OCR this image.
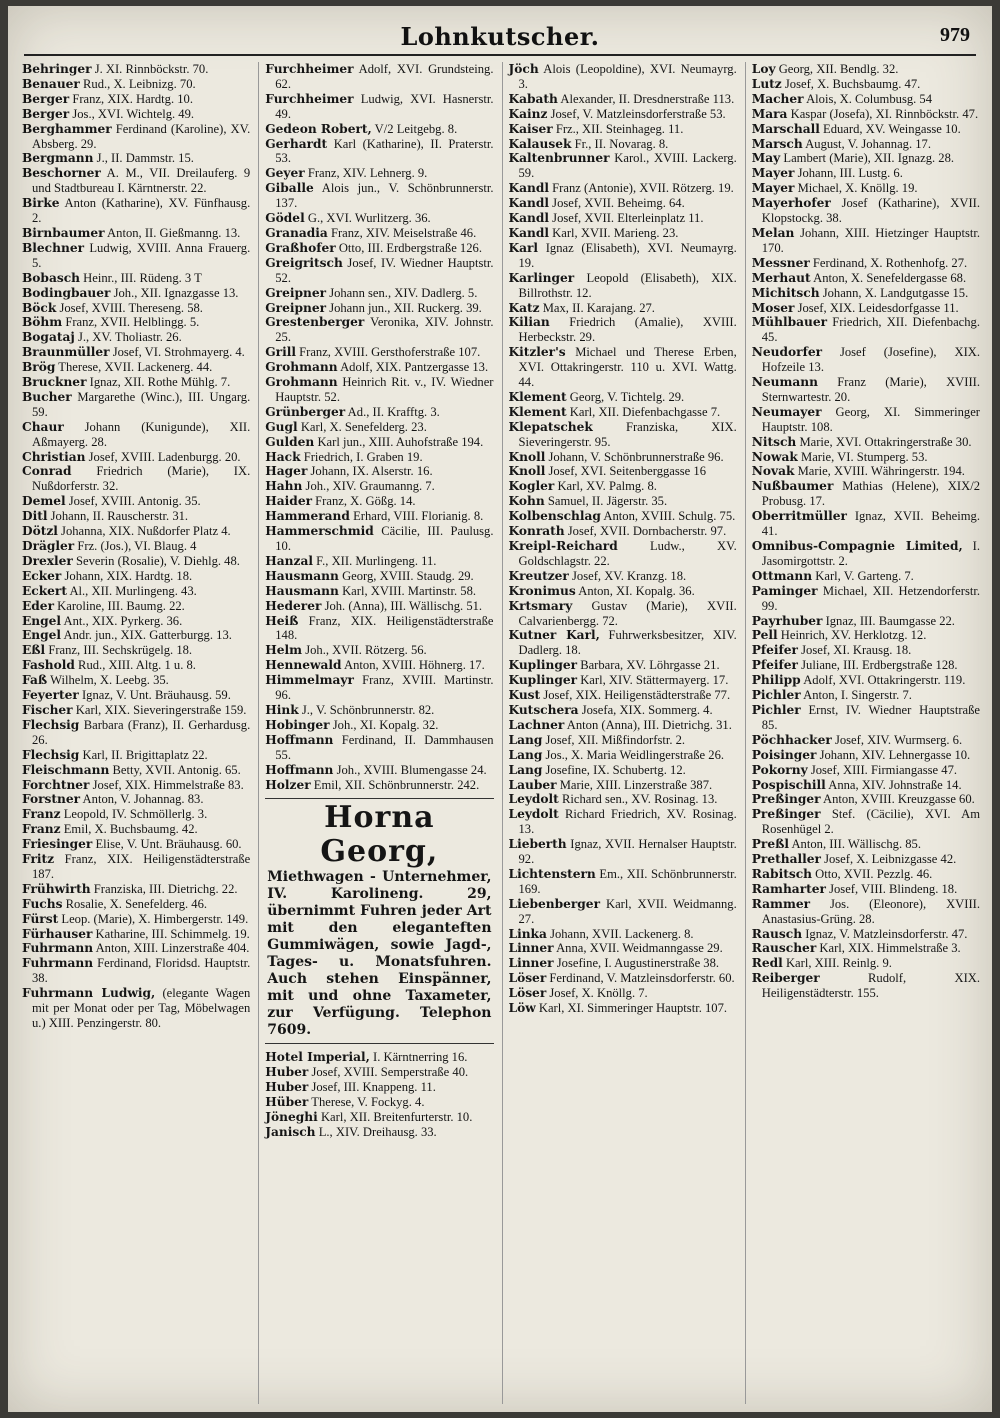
Lohnkutscher.	979

Behringer J. XI. Rinnböckstr. 70.

Benauer Rud., X. Leibnizg. 70.

Berger Franz, XIX. Hardtg. 10.

Berger Jos., XVI. Wichtelg. 49.

Berghammer Ferdinand (Karoline), XV. Absberg. 29.

Bergmann J., II. Dammstr. 15.

Beschorner A. M., VII. Dreilauferg. 9 und Stadtbureau I. Kärntnerstr. 22.

Birke Anton (Katharine), XV. Fünfhausg. 2.

Birnbaumer Anton, II. Gießmanng. 13.

Blechner Ludwig, XVIII. Anna Frauerg. 5.

Bobasch Heinr., III. Rüdeng. 3 T

Bodingbauer Joh., XII. Ignazgasse 13.

Böck Josef, XVIII. Thereseng. 58.

Böhm Franz, XVII. Helblingg. 5.

Bogataj J., XV. Tholiastr. 26.

Braunmüller Josef, VI. Strohmayerg. 4.

Brög Therese, XVII. Lackenerg. 44.

Bruckner Ignaz, XII. Rothe Mühlg. 7.

Bucher Margarethe (Winc.), III. Ungarg. 59.

Chaur Johann (Kunigunde), XII. Aßmayerg. 28.

Christian Josef, XVIII. Ladenburgg. 20.

Conrad Friedrich (Marie), IX. Nußdorferstr. 32.

Demel Josef, XVIII. Antonig. 35.

Ditl Johann, II. Rauscherstr. 31.

Dötzl Johanna, XIX. Nußdorfer Platz 4.

Drägler Frz. (Jos.), VI. Blaug. 4

Drexler Severin (Rosalie), V. Diehlg. 48.

Ecker Johann, XIX. Hardtg. 18.

Eckert Al., XII. Murlingeng. 43.

Eder Karoline, III. Baumg. 22.

Engel Ant., XIX. Pyrkerg. 36.

Engel Andr. jun., XIX. Gatterburgg. 13.

Eßl Franz, III. Sechskrügelg. 18.

Fashold Rud., XIII. Altg. 1 u. 8.

Faß Wilhelm, X. Leebg. 35.

Feyerter Ignaz, V. Unt. Bräuhausg. 59.

Fischer Karl, XIX. Sieveringerstraße 159.

Flechsig Barbara (Franz), II. Gerhardusg. 26.

Flechsig Karl, II. Brigittaplatz 22.

Fleischmann Betty, XVII. Antonig. 65.

Forchtner Josef, XIX. Himmelstraße 83.

Forstner Anton, V. Johannag. 83.

Franz Leopold, IV. Schmöllerlg. 3.

Franz Emil, X. Buchsbaumg. 42.

Friesinger Elise, V. Unt. Bräuhausg. 60.

Fritz Franz, XIX. Heiligenstädterstraße 187.

Frühwirth Franziska, III. Dietrichg. 22.

Fuchs Rosalie, X. Senefelderg. 46.

Fürst Leop. (Marie), X. Himbergerstr. 149.

Fürhauser Katharine, III. Schimmelg. 19.

Fuhrmann Anton, XIII. Linzerstraße 404.

Fuhrmann Ferdinand, Floridsd. Hauptstr. 38.

Fuhrmann Ludwig, (elegante Wagen mit per Monat oder per Tag, Möbelwagen u.) XIII. Penzingerstr. 80.

Furchheimer Adolf, XVI. Grundsteing. 62.

Furchheimer Ludwig, XVI. Hasnerstr. 49.

Gedeon Robert, V/2 Leitgebg. 8.

Gerhardt Karl (Katharine), II. Praterstr. 53.

Geyer Franz, XIV. Lehnerg. 9.

Giballe Alois jun., V. Schönbrunnerstr. 137.

Gödel G., XVI. Wurlitzerg. 36.

Granadia Franz, XIV. Meiselstraße 46.

Graßhofer Otto, III. Erdbergstraße 126.

Greigritsch Josef, IV. Wiedner Hauptstr. 52.

Greipner Johann sen., XIV. Dadlerg. 5.

Greipner Johann jun., XII. Ruckerg. 39.

Grestenberger Veronika, XIV. Johnstr. 25.

Grill Franz, XVIII. Gersthoferstraße 107.

Grohmann Adolf, XIX. Pantzergasse 13.

Grohmann Heinrich Rit. v., IV. Wiedner Hauptstr. 52.

Grünberger Ad., II. Krafftg. 3.

Gugl Karl, X. Senefelderg. 23.

Gulden Karl jun., XIII. Auhofstraße 194.

Hack Friedrich, I. Graben 19.

Hager Johann, IX. Alserstr. 16.

Hahn Joh., XIV. Graumanng. 7.

Haider Franz, X. Gößg. 14.

Hammerand Erhard, VIII. Florianig. 8.

Hammerschmid Cäcilie, III. Paulusg. 10.

Hanzal F., XII. Murlingeng. 11.

Hausmann Georg, XVIII. Staudg. 29.

Hausmann Karl, XVIII. Martinstr. 58.

Hederer Joh. (Anna), III. Wällischg. 51.

Heiß Franz, XIX. Heiligenstädterstraße 148.

Helm Joh., XVII. Rötzerg. 56.

Hennewald Anton, XVIII. Höhnerg. 17.

Himmelmayr Franz, XVIII. Martinstr. 96.

Hink J., V. Schönbrunnerstr. 82.

Hobinger Joh., XI. Kopalg. 32.

Hoffmann Ferdinand, II. Dammhausen 55.

Hoffmann Joh., XVIII. Blumengasse 24.

Holzer Emil, XII. Schönbrunnerstr. 242.

Horna Georg,
Miethwagen - Unternehmer, IV. Karolineng. 29, übernimmt Fuhren jeder Art mit den eleganteften Gummiwägen, sowie Jagd-, Tages- u. Monatsfuhren. Auch stehen Einspänner, mit und ohne Taxameter, zur Verfügung. Telephon 7609.

Hotel Imperial, I. Kärntnerring 16.

Huber Josef, XVIII. Semperstraße 40.

Huber Josef, III. Knappeng. 11.

Hüber Therese, V. Fockyg. 4.

Jöneghi Karl, XII. Breitenfurterstr. 10.

Janisch L., XIV. Dreihausg. 33.

Jöch Alois (Leopoldine), XVI. Neumayrg. 3.

Kabath Alexander, II. Dresdnerstraße 113.

Kainz Josef, V. Matzleinsdorferstraße 53.

Kaiser Frz., XII. Steinhageg. 11.

Kalausek Fr., II. Novarag. 8.

Kaltenbrunner Karol., XVIII. Lackerg. 59.

Kandl Franz (Antonie), XVII. Rötzerg. 19.

Kandl Josef, XVII. Beheimg. 64.

Kandl Josef, XVII. Elterleinplatz 11.

Kandl Karl, XVII. Marieng. 23.

Karl Ignaz (Elisabeth), XVI. Neumayrg. 19.

Karlinger Leopold (Elisabeth), XIX. Billrothstr. 12.

Katz Max, II. Karajang. 27.

Kilian Friedrich (Amalie), XVIII. Herbeckstr. 29.

Kitzler's Michael und Therese Erben, XVI. Ottakringerstr. 110 u. XVI. Wattg. 44.

Klement Georg, V. Tichtelg. 29.

Klement Karl, XII. Diefenbachgasse 7.

Klepatschek	Franziska, XIX. Sieveringerstr. 95.

Knoll Johann, V. Schönbrunnerstraße 96.

Knoll Josef, XVI. Seitenberggasse 16

Kogler Karl, XV. Palmg. 8.

Kohn Samuel, II. Jägerstr. 35.

Kolbenschlag Anton, XVIII. Schulg. 75.

Konrath Josef, XVII. Dornbacherstr. 97.

Kreipl-Reichard	Ludw., XV. Goldschlagstr. 22.

Kreutzer Josef, XV. Kranzg. 18.

Kronimus Anton, XI. Kopalg. 36.

Krtsmary Gustav (Marie), XVII. Calvarienbergg. 72.

Kutner Karl, Fuhrwerksbesitzer, XIV. Dadlerg. 18.

Kuplinger Barbara, XV. Löhrgasse 21.

Kuplinger Karl, XIV. Stättermayerg. 17.

Kust Josef, XIX. Heiligenstädterstraße 77.

Kutschera Josefa, XIX. Sommerg. 4.

Lachner Anton (Anna), III. Dietrichg. 31.

Lang Josef, XII. Mißfindorfstr. 2.

Lang Jos., X. Maria Weidlingerstraße 26.

Lang Josefine, IX. Schubertg. 12.

Lauber Marie, XIII. Linzerstraße 387.

Leydolt Richard sen., XV. Rosinag. 13.

Leydolt Richard Friedrich, XV. Rosinag. 13.

Lieberth Ignaz, XVII. Hernalser Hauptstr. 92.

Lichtenstern Em., XII. Schönbrunnerstr. 169.

Liebenberger Karl, XVII. Weidmanng. 27.

Linka Johann, XVII. Lackenerg. 8.

Linner Anna, XVII. Weidmanngasse 29.

Linner Josefine, I. Augustinerstraße 38.

Löser Ferdinand, V. Matzleinsdorferstr. 60.

Löser Josef, X. Knöllg. 7.

Löw Karl, XI. Simmeringer Hauptstr. 107.

Loy Georg, XII. Bendlg. 32.

Lutz Josef, X. Buchsbaumg. 47.

Macher Alois, X. Columbusg. 54

Mara Kaspar (Josefa), XI. Rinnböckstr. 47.

Marschall Eduard, XV. Weingasse 10.

Marsch August, V. Johannag. 17.

May Lambert (Marie), XII. Ignazg. 28.

Mayer Johann, III. Lustg. 6.

Mayer Michael, X. Knöllg. 19.

Mayerhofer Josef (Katharine), XVII. Klopstockg. 38.

Melan Johann, XIII. Hietzinger Hauptstr. 170.

Messner Ferdinand, X. Rothenhofg. 27.

Merhaut Anton, X. Senefeldergasse 68.

Michitsch Johann, X. Landgutgasse 15.

Moser Josef, XIX. Leidesdorfgasse 11.

Mühlbauer Friedrich, XII. Diefenbachg. 45.

Neudorfer Josef (Josefine), XIX. Hofzeile 13.

Neumann Franz (Marie), XVIII. Sternwartestr. 20.

Neumayer Georg, XI. Simmeringer Hauptstr. 108.

Nitsch Marie, XVI. Ottakringerstraße 30.

Nowak Marie, VI. Stumperg. 53.

Novak Marie, XVIII. Währingerstr. 194.

Nußbaumer Mathias (Helene), XIX/2 Probusg. 17.

Oberritmüller Ignaz, XVII. Beheimg. 41.

Omnibus-Compagnie Limited, I. Jasomirgottstr. 2.

Ottmann Karl, V. Garteng. 7.

Paminger Michael, XII. Hetzendorferstr. 99.

Payrhuber Ignaz, III. Baumgasse 22.

Pell Heinrich, XV. Herklotzg. 12.

Pfeifer Josef, XI. Krausg. 18.

Pfeifer Juliane, III. Erdbergstraße 128.

Philipp Adolf, XVI. Ottakringerstr. 119.

Pichler Anton, I. Singerstr. 7.

Pichler Ernst, IV. Wiedner Hauptstraße 85.

Pöchhacker Josef, XIV. Wurmserg. 6.

Poisinger Johann, XIV. Lehnergasse 10.

Pokorny Josef, XIII. Firmiangasse 47.

Pospischill Anna, XIV. Johnstraße 14.

Preßinger Anton, XVIII. Kreuzgasse 60.

Preßinger Stef. (Cäcilie), XVI. Am Rosenhügel 2.

Preßl Anton, III. Wällischg. 85.

Prethaller Josef, X. Leibnizgasse 42.

Rabitsch Otto, XVII. Pezzlg. 46.

Ramharter Josef, VIII. Blindeng. 18.

Rammer Jos. (Eleonore), XVIII. Anastasius-Grüng. 28.

Rausch Ignaz, V. Matzleinsdorferstr. 47.

Rauscher Karl, XIX. Himmelstraße 3.

Redl Karl, XIII. Reinlg. 9.

Reiberger	Rudolf, XIX. Heiligenstädterstr. 155.
